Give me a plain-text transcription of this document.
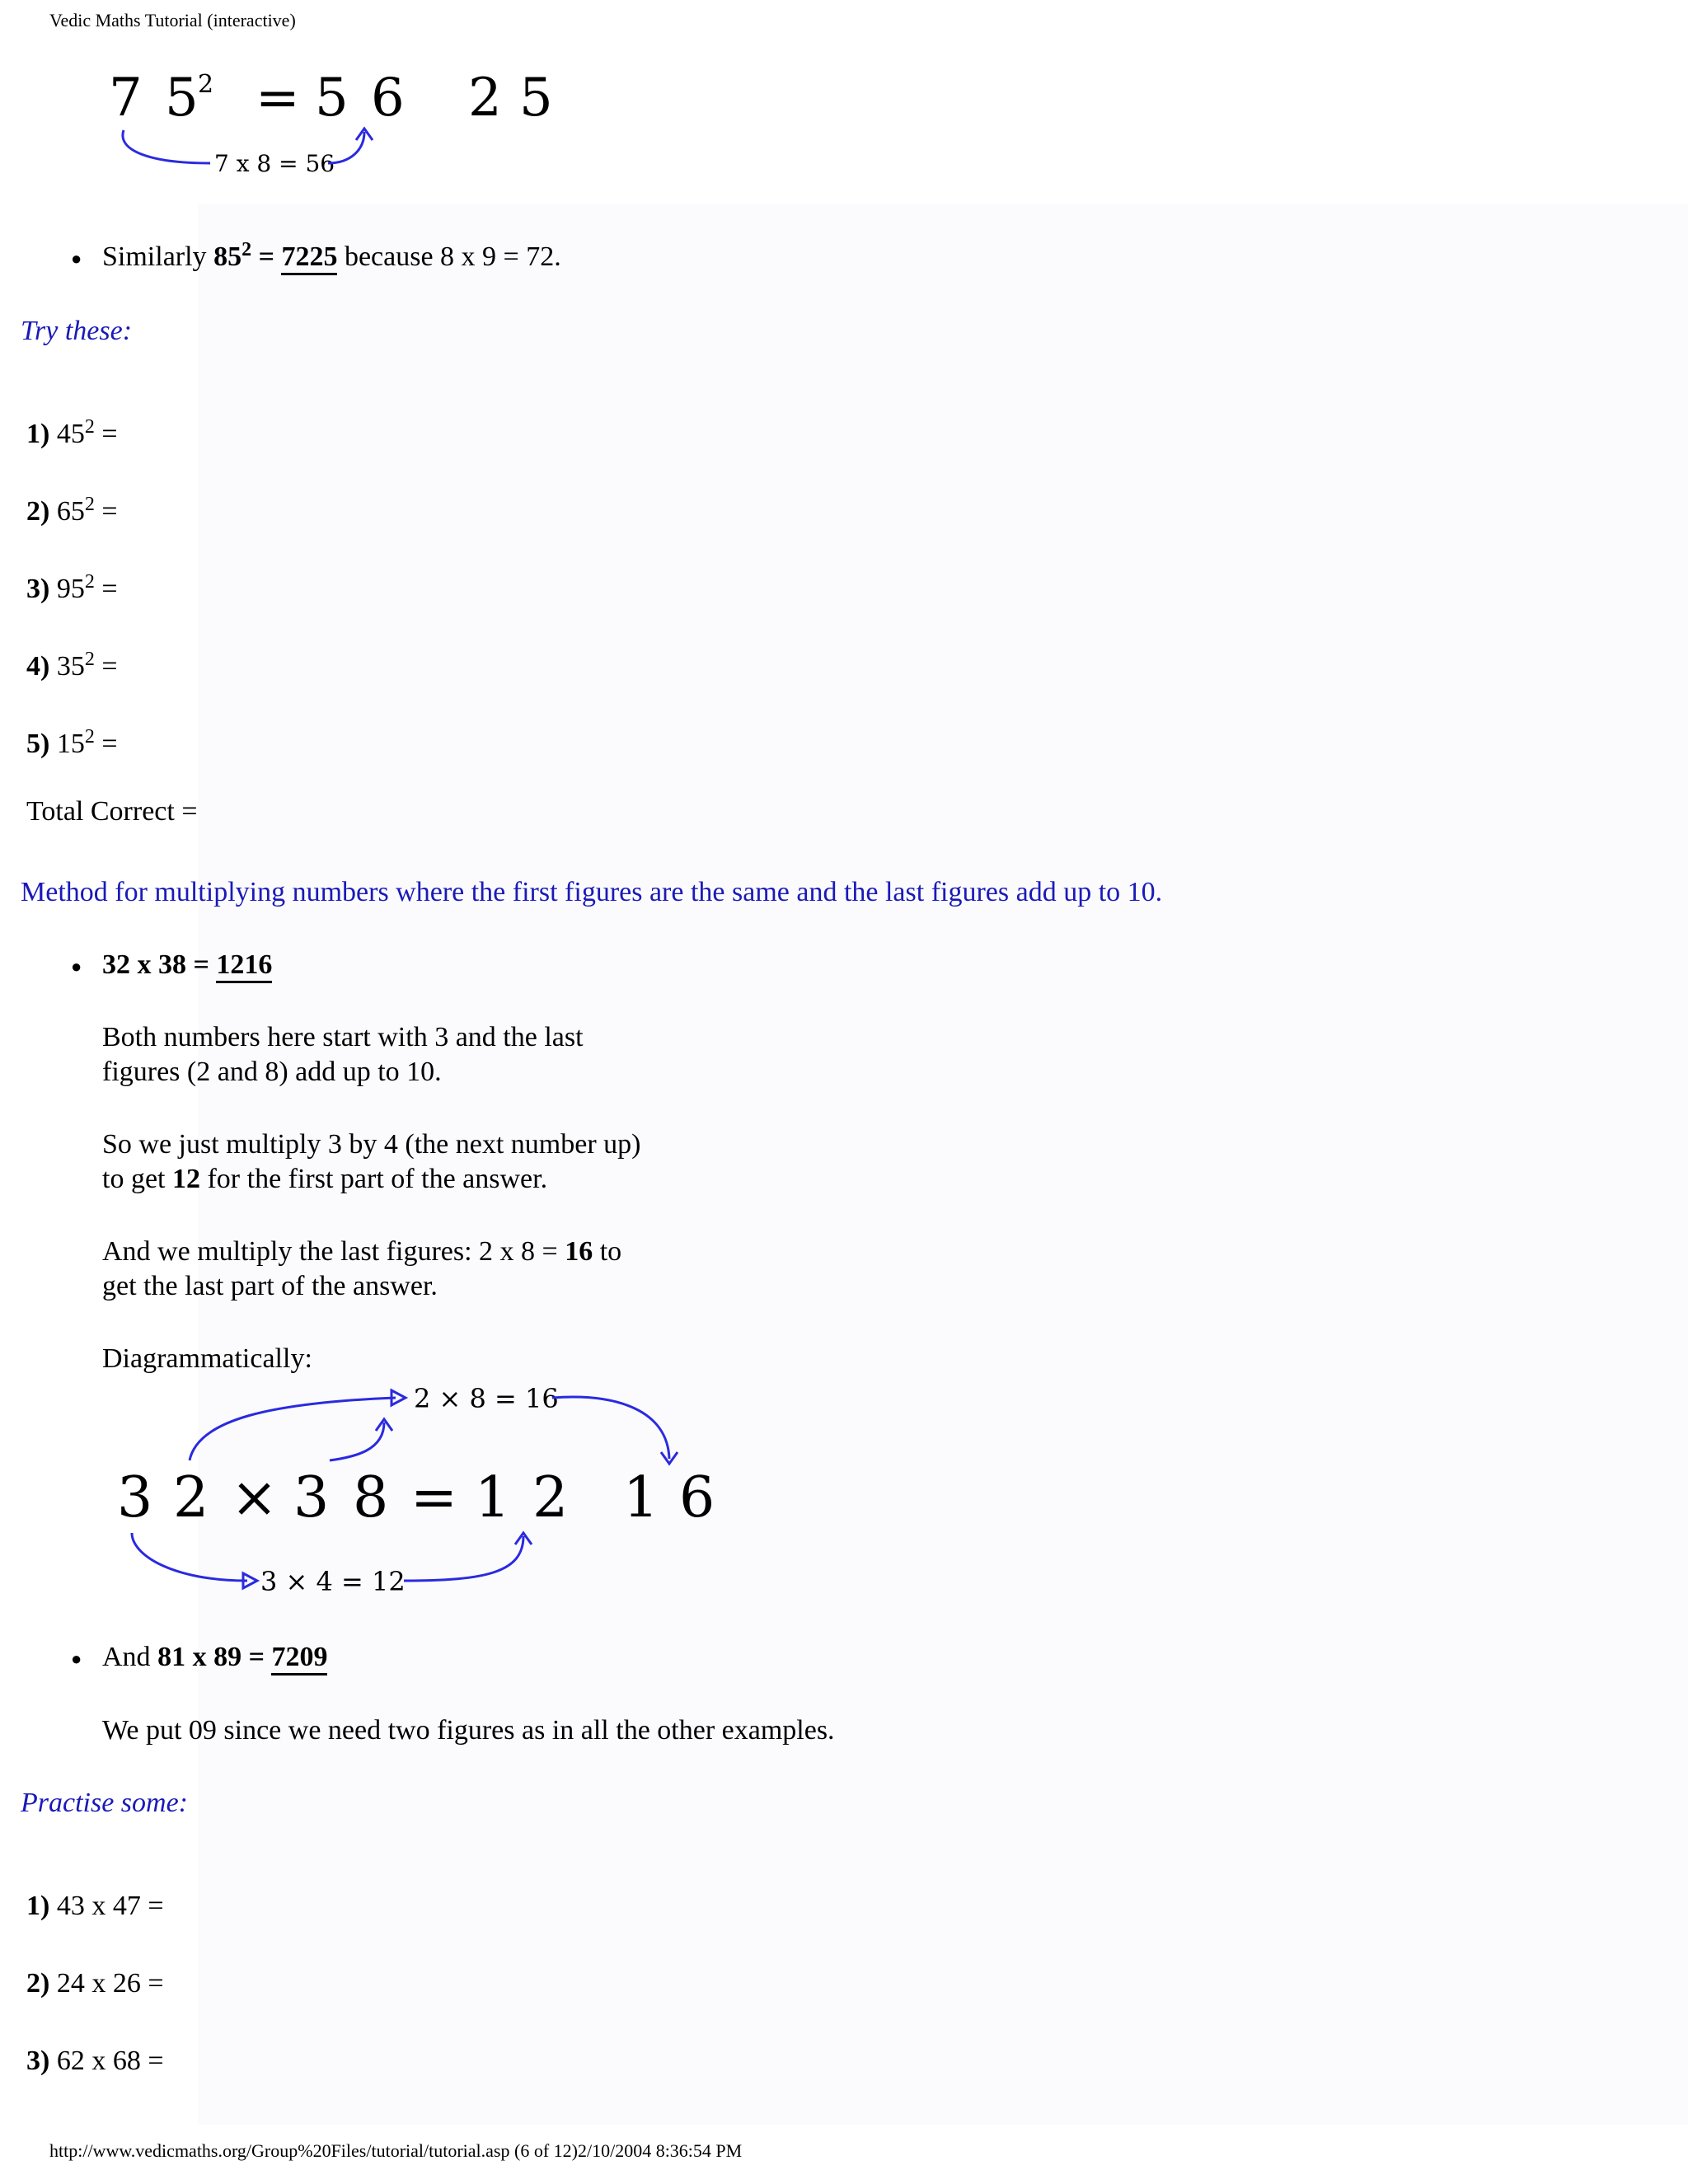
Vedic Maths Tutorial (interactive)
7 5 2 = 5 6 2 5
7 x 8 = 56
● Similarly $85^2 = 7225$ because 8 x 9 = 72.
Try these:
1) $45^2$ =
2) $65^2$ =
3) $95^2$ =
4) $35^2$ =
5) $15^2$ =
Total Correct =
Method for multiplying numbers where the first figures are the same and the last figures add up to 10.
● 32 x 38 = 1216
Both numbers here start with 3 and the last
figures (2 and 8) add up to 10.
So we just multiply 3 by 4 (the next number up)
to get 12 for the first part of the answer.
And we multiply the last figures: 2 x 8 = 16 to
get the last part of the answer.
Diagrammatically:
2 × 8 = 16
3 2 × 3 8 = 1 2 1 6
3 × 4 = 12
● And 81 x 89 = 7209
We put 09 since we need two figures as in all the other examples.
Practise some:
1) 43 x 47 =
2) 24 x 26 =
3) 62 x 68 =
http://www.vedicmaths.org/Group%20Files/tutorial/tutorial.asp (6 of 12)2/10/2004 8:36:54 PM
